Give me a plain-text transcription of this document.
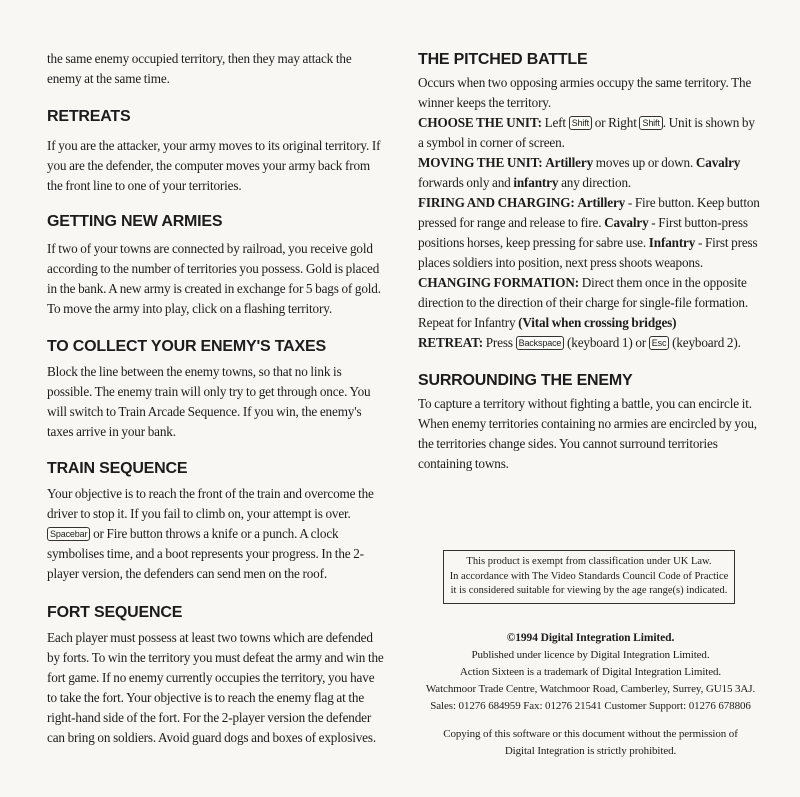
the same enemy occupied territory, then they may attack the enemy at the same time.

RETREATS

If you are the attacker, your army moves to its original territory. If you are the defender, the computer moves your army back from the front line to one of your territories.

GETTING NEW ARMIES

If two of your towns are connected by railroad, you receive gold according to the number of territories you possess. Gold is placed in the bank. A new army is created in exchange for 5 bags of gold. To move the army into play, click on a flashing territory.

TO COLLECT YOUR ENEMY'S TAXES

Block the line between the enemy towns, so that no link is possible. The enemy train will only try to get through once. You will switch to Train Arcade Sequence. If you win, the enemy's taxes arrive in your bank.

TRAIN SEQUENCE

Your objective is to reach the front of the train and overcome the driver to stop it. If you fail to climb on, your attempt is over. Spacebar or Fire button throws a knife or a punch. A clock symbolises time, and a boot represents your progress. In the 2-player version, the defenders can send men on the roof.

FORT SEQUENCE

Each player must possess at least two towns which are defended by forts. To win the territory you must defeat the army and win the fort game. If no enemy currently occupies the territory, you have to take the fort. Your objective is to reach the enemy flag at the right-hand side of the fort. For the 2-player version the defender can bring on soldiers. Avoid guard dogs and boxes of explosives.

THE PITCHED BATTLE

Occurs when two opposing armies occupy the same territory. The winner keeps the territory.

CHOOSE THE UNIT: Left Shift or Right Shift . Unit is shown by a symbol in corner of screen.

MOVING THE UNIT: Artillery moves up or down. Cavalry forwards only and infantry any direction.

FIRING AND CHARGING: Artillery - Fire button. Keep button pressed for range and release to fire. Cavalry - First button-press positions horses, keep pressing for sabre use. Infantry - First press places soldiers into position, next press shoots weapons.

CHANGING FORMATION: Direct them once in the opposite direction to the direction of their charge for single-file formation. Repeat for Infantry (Vital when crossing bridges)

RETREAT: Press Backspace (keyboard 1) or Esc (keyboard 2).

SURROUNDING THE ENEMY

To capture a territory without fighting a battle, you can encircle it. When enemy territories containing no armies are encircled by you, the territories change sides. You cannot surround territories containing towns.

This product is exempt from classification under UK Law.
In accordance with The Video Standards Council Code of Practice
it is considered suitable for viewing by the age range(s) indicated.

©1994 Digital Integration Limited.

Published under licence by Digital Integration Limited.

Action Sixteen is a trademark of Digital Integration Limited.

Watchmoor Trade Centre, Watchmoor Road, Camberley, Surrey, GU15 3AJ.

Sales: 01276 684959 Fax: 01276 21541 Customer Support: 01276 678806

Copying of this software or this document without the permission of

Digital Integration is strictly prohibited.
